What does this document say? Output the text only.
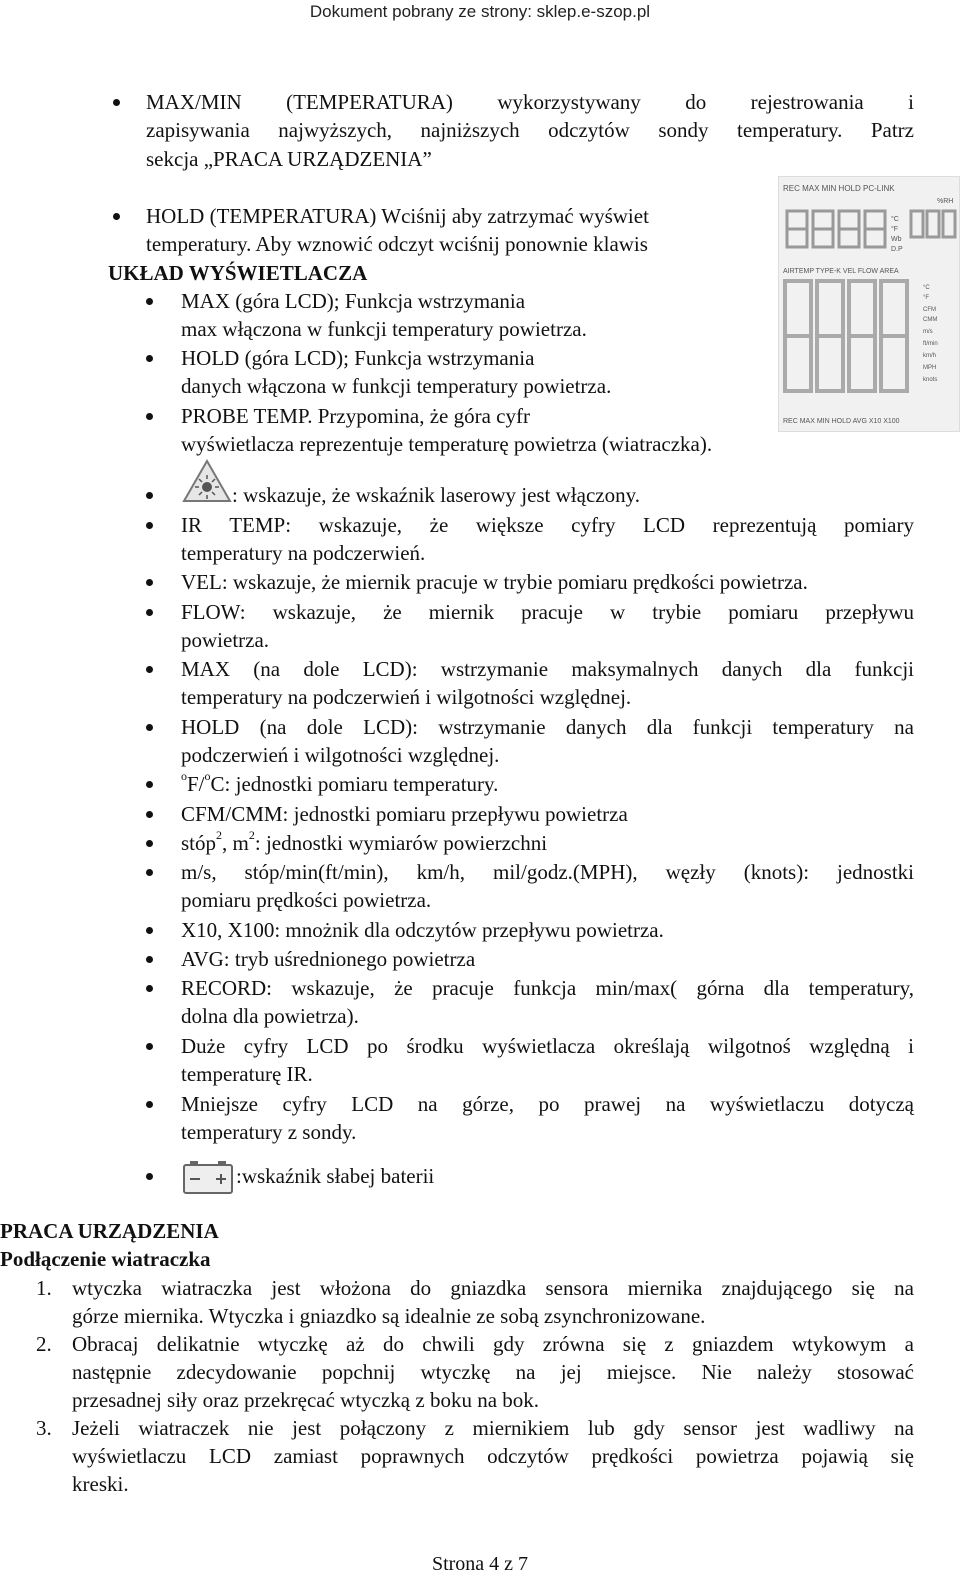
Dokument pobrany ze strony: sklep.e-szop.pl
MAX/MIN (TEMPERATURA) wykorzystywany do rejestrowania i
zapisywania najwyższych, najniższych odczytów sondy temperatury. Patrz
sekcja „PRACA URZĄDZENIA”
HOLD (TEMPERATURA) Wciśnij aby zatrzymać wyświet
temperatury. Aby wznowić odczyt wciśnij ponownie klawis
UKŁAD WYŚWIETLACZA
MAX (góra LCD); Funkcja wstrzymania
max włączona w funkcji temperatury powietrza.
HOLD (góra LCD); Funkcja wstrzymania
danych włączona w funkcji temperatury powietrza.
PROBE TEMP. Przypomina, że góra cyfr
wyświetlacza reprezentuje temperaturę powietrza (wiatraczka).
REC MAX MIN HOLD PC-LINK
%RH
°C
°F
Wb
D.P
AIRTEMP TYPE-K VEL FLOW AREA
°C
°F
CFM
CMM
m/s
ft/min
km/h
MPH
knots
REC MAX MIN HOLD AVG X10 X100
: wskazuje, że wskaźnik laserowy jest włączony.
IR TEMP: wskazuje, że większe cyfry LCD reprezentują pomiary
temperatury na podczerwień.
VEL: wskazuje, że miernik pracuje w trybie pomiaru prędkości powietrza.
FLOW: wskazuje, że miernik pracuje w trybie pomiaru przepływu
powietrza.
MAX (na dole LCD): wstrzymanie maksymalnych danych dla funkcji
temperatury na podczerwień i wilgotności względnej.
HOLD (na dole LCD): wstrzymanie danych dla funkcji temperatury na
podczerwień i wilgotności względnej.
$^o$F/$^o$C: jednostki pomiaru temperatury.
CFM/CMM: jednostki pomiaru przepływu powietrza
stóp$^2$, $m^2$: jednostki wymiarów powierzchni
m/s, stóp/min(ft/min), km/h, mil/godz.(MPH), węzły (knots): jednostki
pomiaru prędkości powietrza.
X10, X100: mnożnik dla odczytów przepływu powietrza.
AVG: tryb uśrednionego powietrza
RECORD: wskazuje, że pracuje funkcja min/max( górna dla temperatury,
dolna dla powietrza).
Duże cyfry LCD po środku wyświetlacza określają wilgotnoś względną i
temperaturę IR.
Mniejsze cyfry LCD na górze, po prawej na wyświetlaczu dotyczą
temperatury z sondy.
:wskaźnik słabej baterii
PRACA URZĄDZENIA
Podłączenie wiatraczka
1. wtyczka wiatraczka jest włożona do gniazdka sensora miernika znajdującego się na
górze miernika. Wtyczka i gniazdko są idealnie ze sobą zsynchronizowane.
2. Obracaj delikatnie wtyczkę aż do chwili gdy zrówna się z gniazdem wtykowym a
następnie zdecydowanie popchnij wtyczkę na jej miejsce. Nie należy stosować
przesadnej siły oraz przekręcać wtyczką z boku na bok.
3. Jeżeli wiatraczek nie jest połączony z miernikiem lub gdy sensor jest wadliwy na
wyświetlaczu LCD zamiast poprawnych odczytów prędkości powietrza pojawią się
kreski.
Strona 4 z 7
